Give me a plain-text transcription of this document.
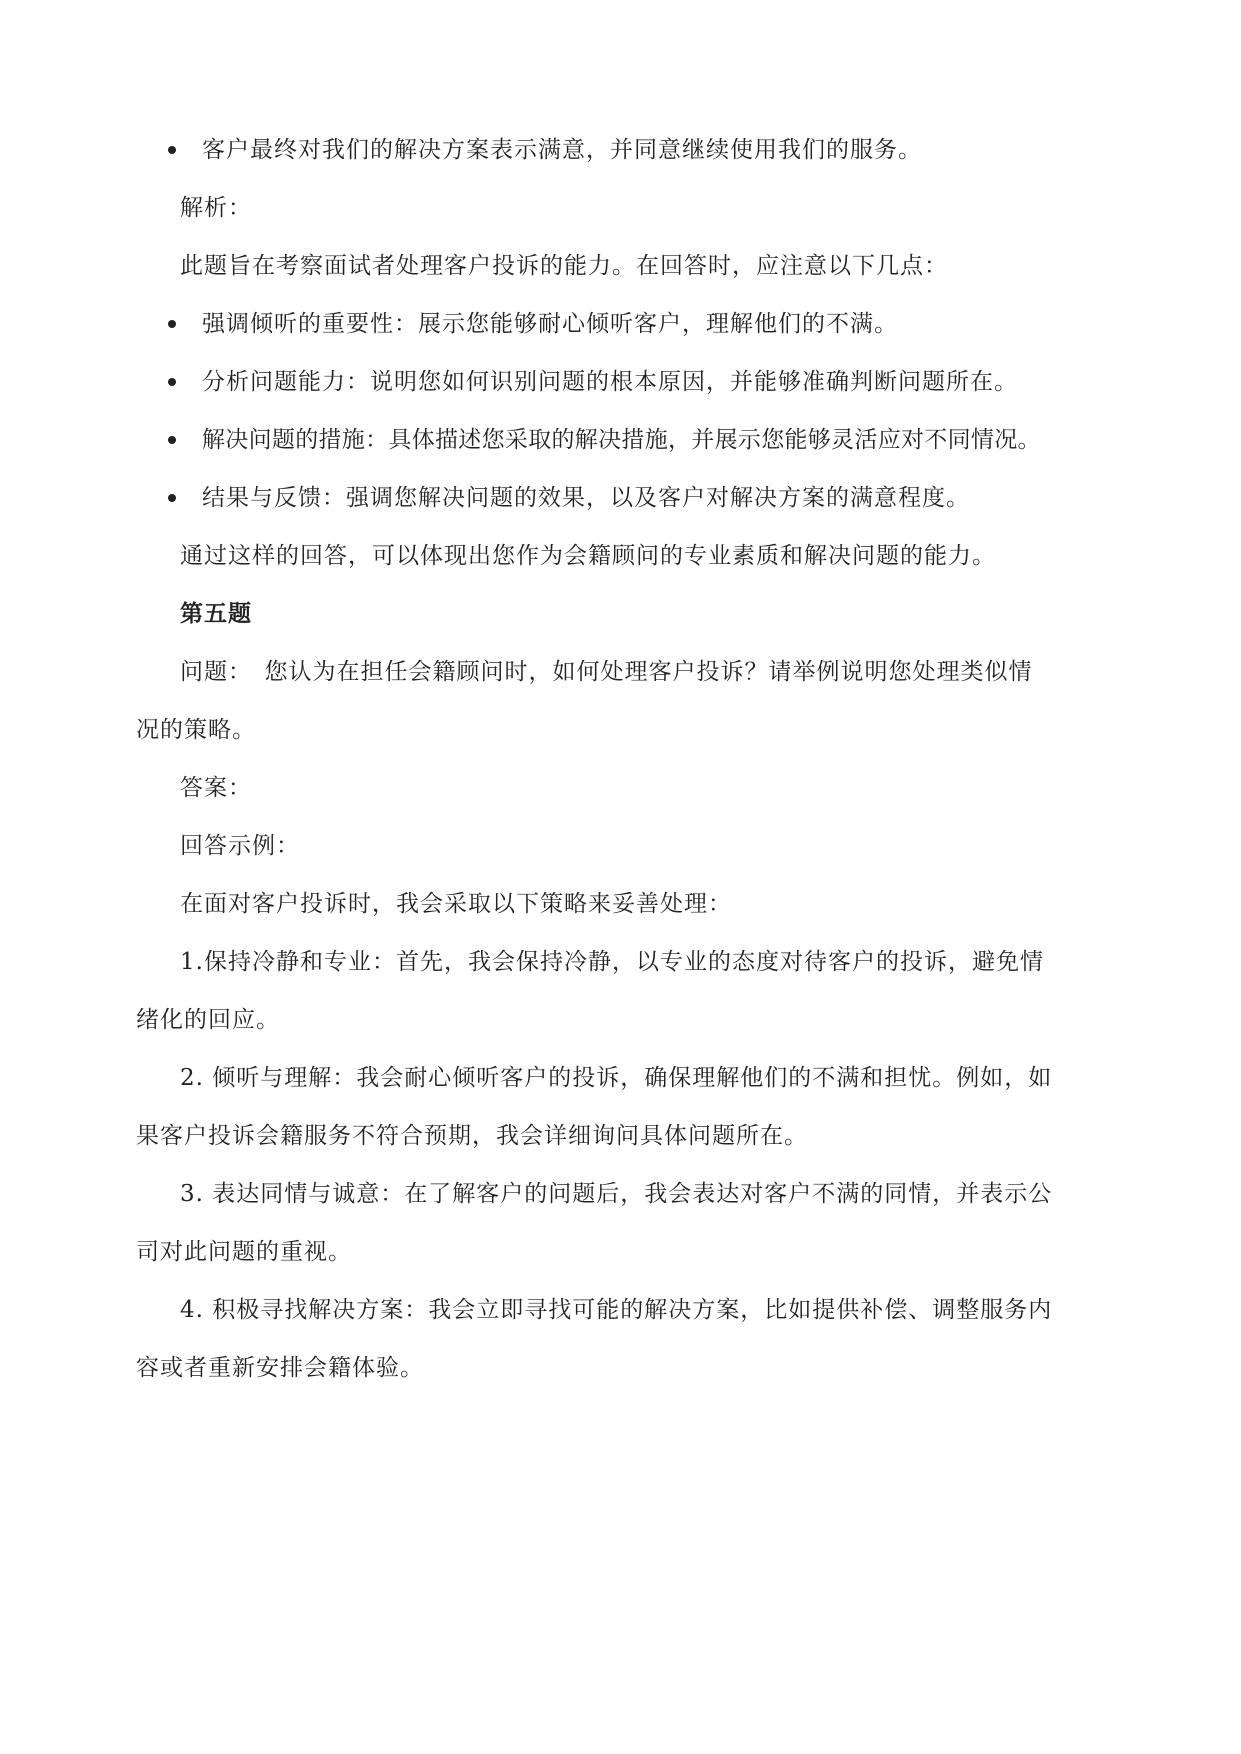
客户最终对我们的解决方案表示满意，并同意继续使用我们的服务。
解析：
此题旨在考察面试者处理客户投诉的能力。在回答时，应注意以下几点：
强调倾听的重要性：展示您能够耐心倾听客户，理解他们的不满。
分析问题能力：说明您如何识别问题的根本原因，并能够准确判断问题所在。
解决问题的措施：具体描述您采取的解决措施，并展示您能够灵活应对不同情况。
结果与反馈：强调您解决问题的效果，以及客户对解决方案的满意程度。
通过这样的回答，可以体现出您作为会籍顾问的专业素质和解决问题的能力。
第五题
问题：　您认为在担任会籍顾问时，如何处理客户投诉？请举例说明您处理类似情
况的策略。
答案：
回答示例：
在面对客户投诉时，我会采取以下策略来妥善处理：
1.保持冷静和专业：首先，我会保持冷静，以专业的态度对待客户的投诉，避免情
绪化的回应。
2. 倾听与理解：我会耐心倾听客户的投诉，确保理解他们的不满和担忧。例如，如
果客户投诉会籍服务不符合预期，我会详细询问具体问题所在。
3. 表达同情与诚意：在了解客户的问题后，我会表达对客户不满的同情，并表示公
司对此问题的重视。
4. 积极寻找解决方案：我会立即寻找可能的解决方案，比如提供补偿、调整服务内
容或者重新安排会籍体验。
